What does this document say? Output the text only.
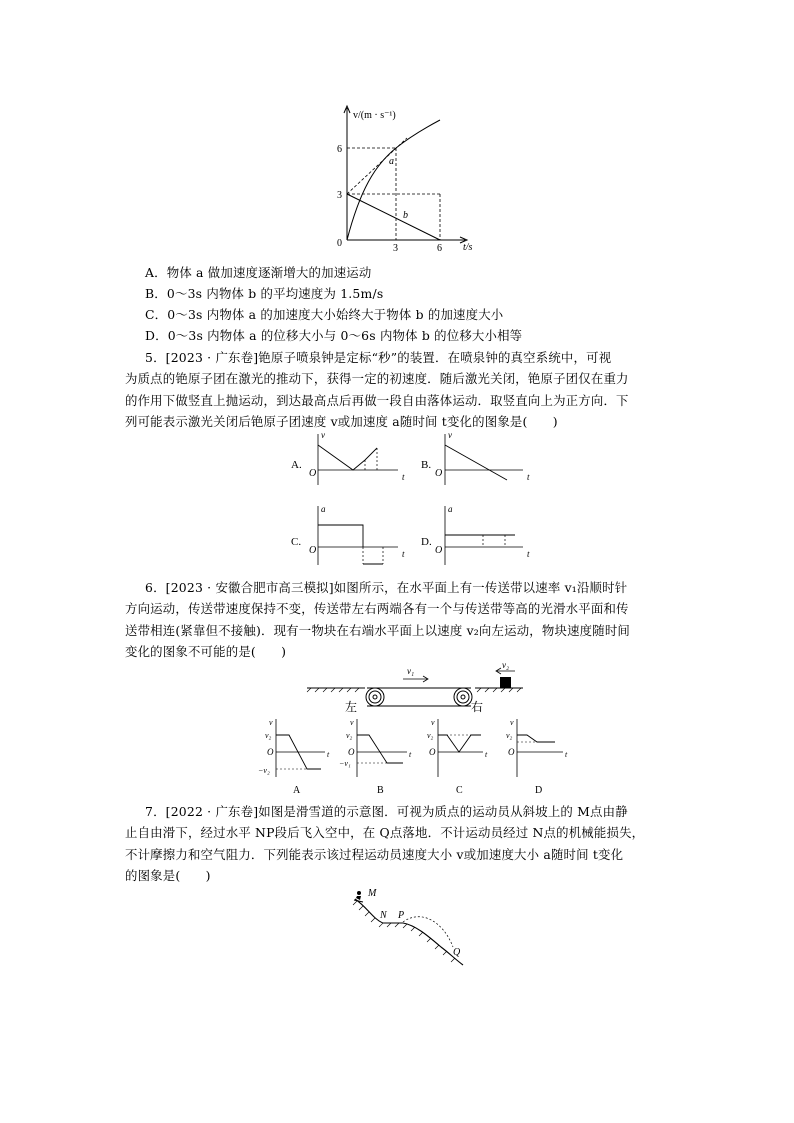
v/(m · s⁻¹)
t/s
0
3
6
3	6
a
b
A．物体 a 做加速度逐渐增大的加速运动
B．0～3s 内物体 b 的平均速度为 1.5m/s
C．0～3s 内物体 a 的加速度大小始终大于物体 b 的加速度大小
D．0～3s 内物体 a 的位移大小与 0～6s 内物体 b 的位移大小相等
5．[2023 · 广东卷]铯原子喷泉钟是定标“秒”的装置．在喷泉钟的真空系统中，可视
为质点的铯原子团在激光的推动下，获得一定的初速度．随后激光关闭，铯原子团仅在重力
的作用下做竖直上抛运动，到达最高点后再做一段自由落体运动．取竖直向上为正方向．下
列可能表示激光关闭后铯原子团速度 v或加速度 a随时间 t变化的图象是(　　)
A.
O
v
t
B.
O
v
t
C.
O
a
t
D.
O
a
t
6．[2023 · 安徽合肥市高三模拟]如图所示，在水平面上有一传送带以速率 v₁沿顺时针
方向运动，传送带速度保持不变，传送带左右两端各有一个与传送带等高的光滑水平面和传
送带相连(紧靠但不接触)．现有一物块在右端水平面上以速度 v₂向左运动，物块速度随时间
变化的图象不可能的是(　　)
v₁
v₂
左	右
v
v₂
O
−v₂
t
A
v
v₂
O
−v₁
t
B
v
v₂
O	t
C
v
v₂
O	t
D
7．[2022 · 广东卷]如图是滑雪道的示意图．可视为质点的运动员从斜坡上的 M点由静
止自由滑下，经过水平 NP段后飞入空中，在 Q点落地．不计运动员经过 N点的机械能损失，
不计摩擦力和空气阻力．下列能表示该过程运动员速度大小 v或加速度大小 a随时间 t变化
的图象是(　　)
M
N P
Q
